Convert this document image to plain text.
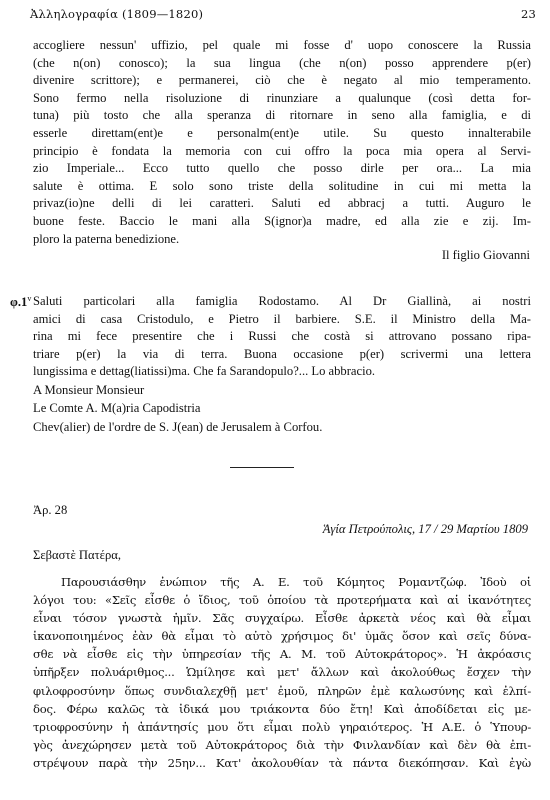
Ἀλληλογραφία (1809—1820)	23
accogliere nessun' uffizio, pel quale mi fosse d' uopo conoscere la Russia
(che n(on) conosco); la sua lingua (che n(on) posso apprendere p(er)
divenire scrittore); e permanerei, ciò che è negato al mio temperamento.
Sono fermo nella risoluzione di rinunziare a qualunque (così detta for-
tuna) più tosto che alla speranza di ritornare in seno alla famiglia, e di
esserle direttam(ent)e e personalm(ent)e utile. Su questo innalterabile
principio è fondata la memoria con cui offro la poca mia opera al Servi-
zio Imperiale... Ecco tutto quello che posso dirle per ora... La mia
salute è ottima. E solo sono triste della solitudine in cui mi metta la
privaz(io)ne delli di lei caratteri. Saluti ed abbracj a tutti. Auguro le
buone feste. Baccio le mani alla S(ignor)a madre, ed alla zie e zij. Im-
ploro la paterna benedizione.
Il figlio Giovanni
φ.1$^v$ Saluti particolari alla famiglia Rodostamo. Al Dr Giallinà, ai nostri
amici di casa Cristodulo, e Pietro il barbiere. S.E. il Ministro della Ma-
rina mi fece presentire che i Russi che costà si attrovano possano ripa-
triare p(er) la via di terra. Buona occasione p(er) scrivermi una lettera
lungissima e dettag(liatissi)ma. Che fa Sarandopulo?... Lo abbracio.
A Monsieur Monsieur
Le Comte A. M(a)ria Capodistria
Chev(alier) de l'ordre de S. J(ean) de Jerusalem à Corfou.
Ἀρ. 28
Ἁγία Πετρούπολις, 17 / 29 Μαρτίου 1809
Σεβαστὲ Πατέρα,
Παρουσιάσθην ἐνώπιον τῆς Α. Ε. τοῦ Κόμητος Ρομαντζώφ. Ἰδοὺ οἱ
λόγοι του: «Σεῖς εἶσθε ὁ ἴδιος, τοῦ ὁποίου τὰ προτερήματα καὶ αἱ ἱκανότητες
εἶναι τόσον γνωστὰ ἡμῖν. Σᾶς συγχαίρω. Εἶσθε ἀρκετὰ νέος καὶ θὰ εἶμαι
ἱκανοποιημένος ἐὰν θὰ εἶμαι τὸ αὐτὸ χρήσιμος δι' ὑμᾶς ὅσον καὶ σεῖς δύνα-
σθε νὰ εἶσθε εἰς τὴν ὑπηρεσίαν τῆς Α. Μ. τοῦ Αὐτοκράτορος». Ἡ ἀκρόασις
ὑπῆρξεν πολυάριθμος... Ὡμίλησε καὶ μετ' ἄλλων καὶ ἀκολούθως ἔσχεν τὴν
φιλοφροσύνην ὅπως συνδιαλεχθῇ μετ' ἐμοῦ, πληρῶν ἐμὲ καλωσύνης καὶ ἐλπί-
δος. Φέρω καλῶς τὰ ἰδικά μου τριάκοντα δύο ἔτη! Καὶ ἀποδίδεται εἰς με-
τριοφροσύνην ἡ ἀπάντησίς μου ὅτι εἶμαι πολὺ γηραιότερος. Ἡ Α.Ε. ὁ Ὑπουρ-
γὸς ἀνεχώρησεν μετὰ τοῦ Αὐτοκράτορος διὰ τὴν Φινλανδίαν καὶ δὲν θὰ ἐπι-
στρέψουν παρὰ τὴν 25ην... Κατ' ἀκολουθίαν τὰ πάντα διεκόπησαν. Καὶ ἐγὼ
